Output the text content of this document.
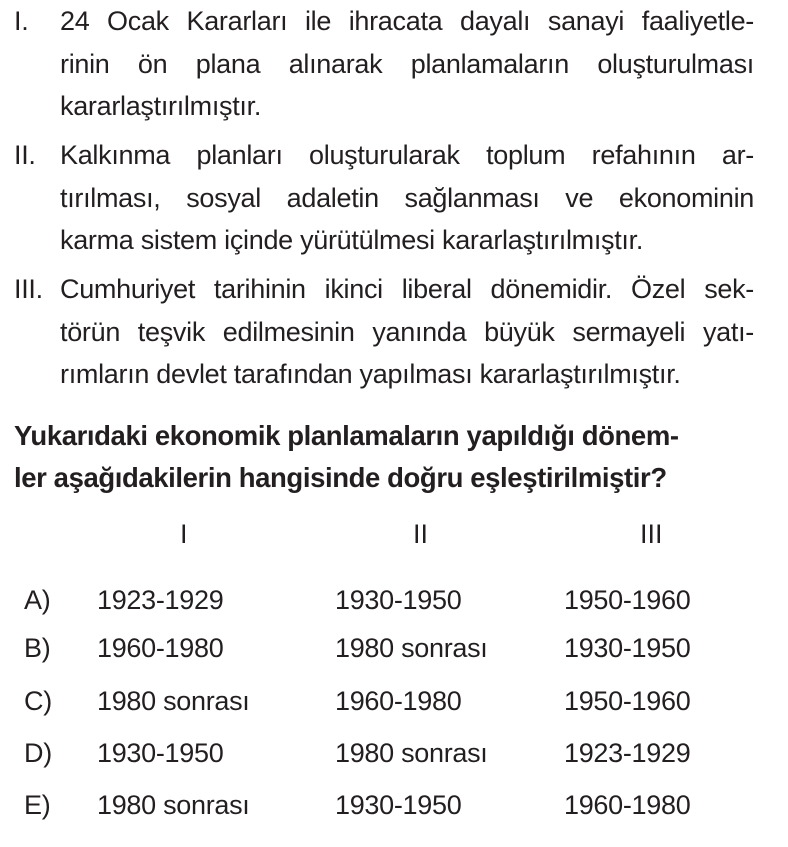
I. 24 Ocak Kararları ile ihracata dayalı sanayi faaliyetle-
rinin ön plana alınarak planlamaların oluşturulması
kararlaştırılmıştır.
II. Kalkınma planları oluşturularak toplum refahının ar-
tırılması, sosyal adaletin sağlanması ve ekonominin
karma sistem içinde yürütülmesi kararlaştırılmıştır.
III. Cumhuriyet tarihinin ikinci liberal dönemidir. Özel sek-
törün teşvik edilmesinin yanında büyük sermayeli yatı-
rımların devlet tarafından yapılması kararlaştırılmıştır.
Yukarıdaki ekonomik planlamaların yapıldığı dönem-
ler aşağıdakilerin hangisinde doğru eşleştirilmiştir?
I	II	III
A) 1923-1929	1930-1950	1950-1960
B) 1960-1980	1980 sonrası	1930-1950
C) 1980 sonrası	1960-1980	1950-1960
D) 1930-1950	1980 sonrası	1923-1929
E) 1980 sonrası	1930-1950	1960-1980
